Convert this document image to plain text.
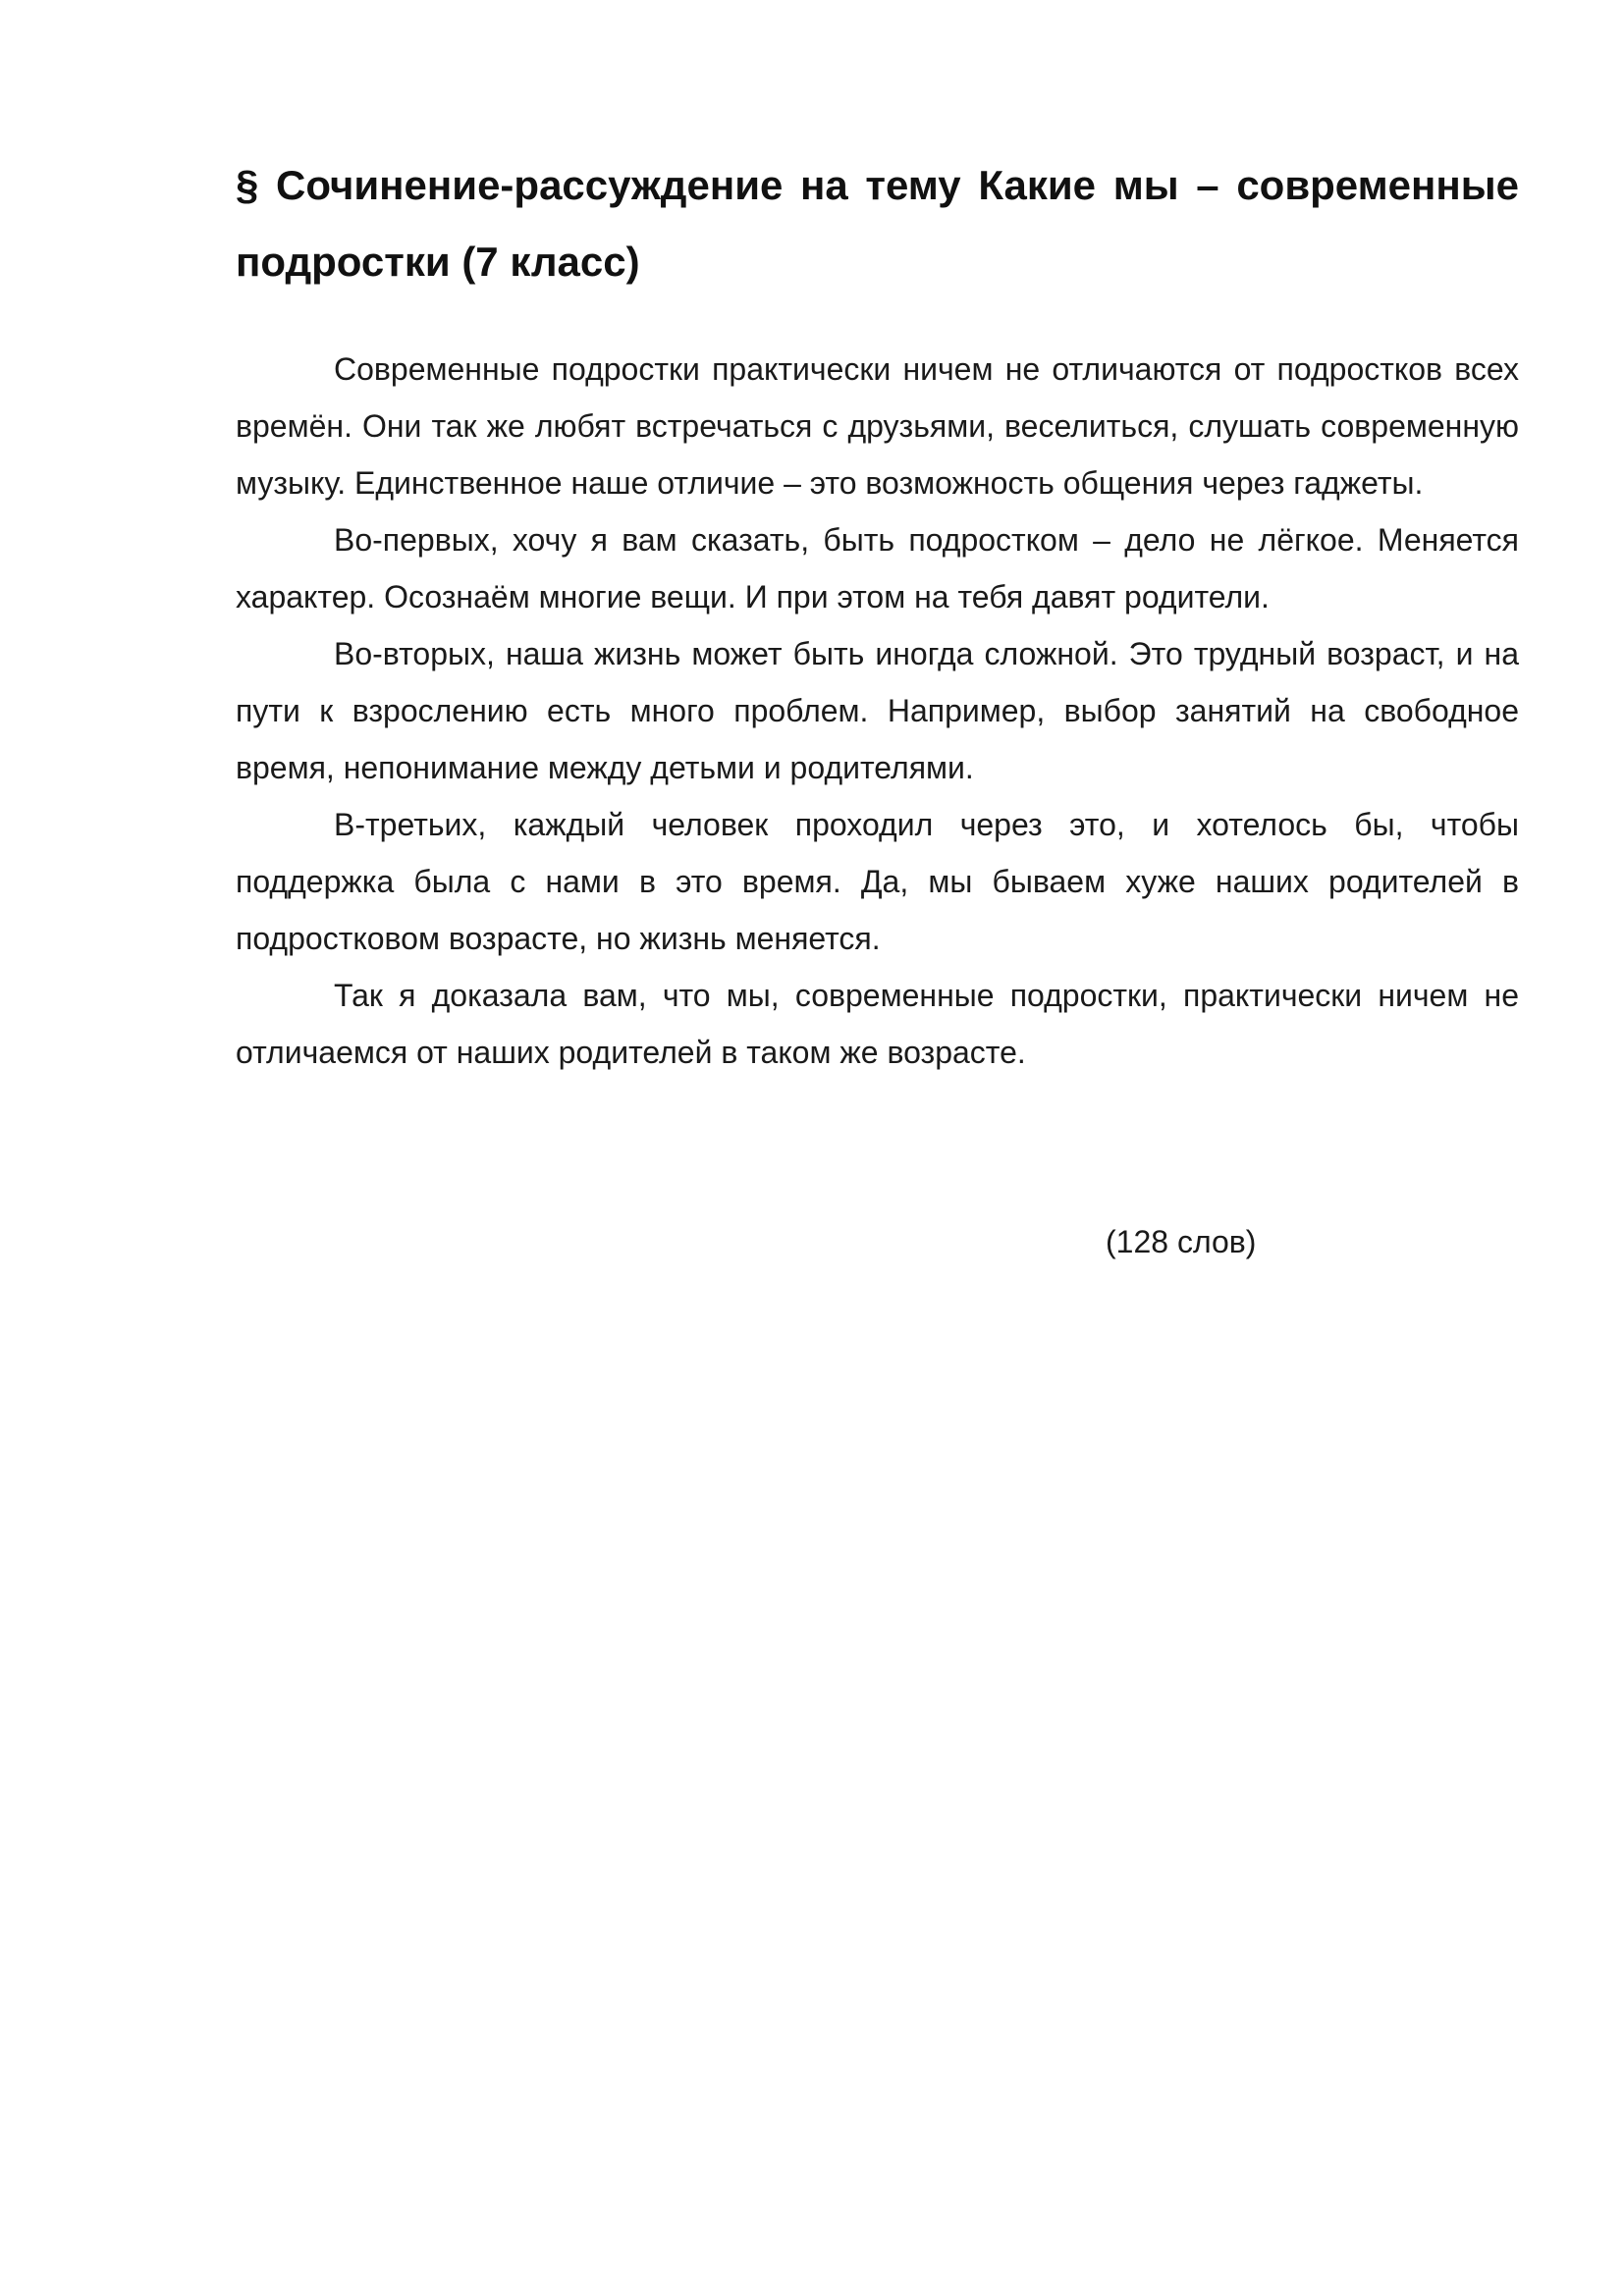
§ Сочинение-рассуждение на тему Какие мы – современные подростки (7 класс)

Современные подростки практически ничем не отличаются от подростков всех времён. Они так же любят встречаться с друзьями, веселиться, слушать современную музыку. Единственное наше отличие – это возможность общения через гаджеты.

Во-первых, хочу я вам сказать, быть подростком – дело не лёгкое. Меняется характер. Осознаём многие вещи. И при этом на тебя давят родители.

Во-вторых, наша жизнь может быть иногда сложной. Это трудный возраст, и на пути к взрослению есть много проблем. Например, выбор занятий на свободное время, непонимание между детьми и родителями.

В-третьих, каждый человек проходил через это, и хотелось бы, чтобы поддержка была с нами в это время. Да, мы бываем хуже наших родителей в подростковом возрасте, но жизнь меняется.

Так я доказала вам, что мы, современные подростки, практически ничем не отличаемся от наших родителей в таком же возрасте.

(128 слов)
